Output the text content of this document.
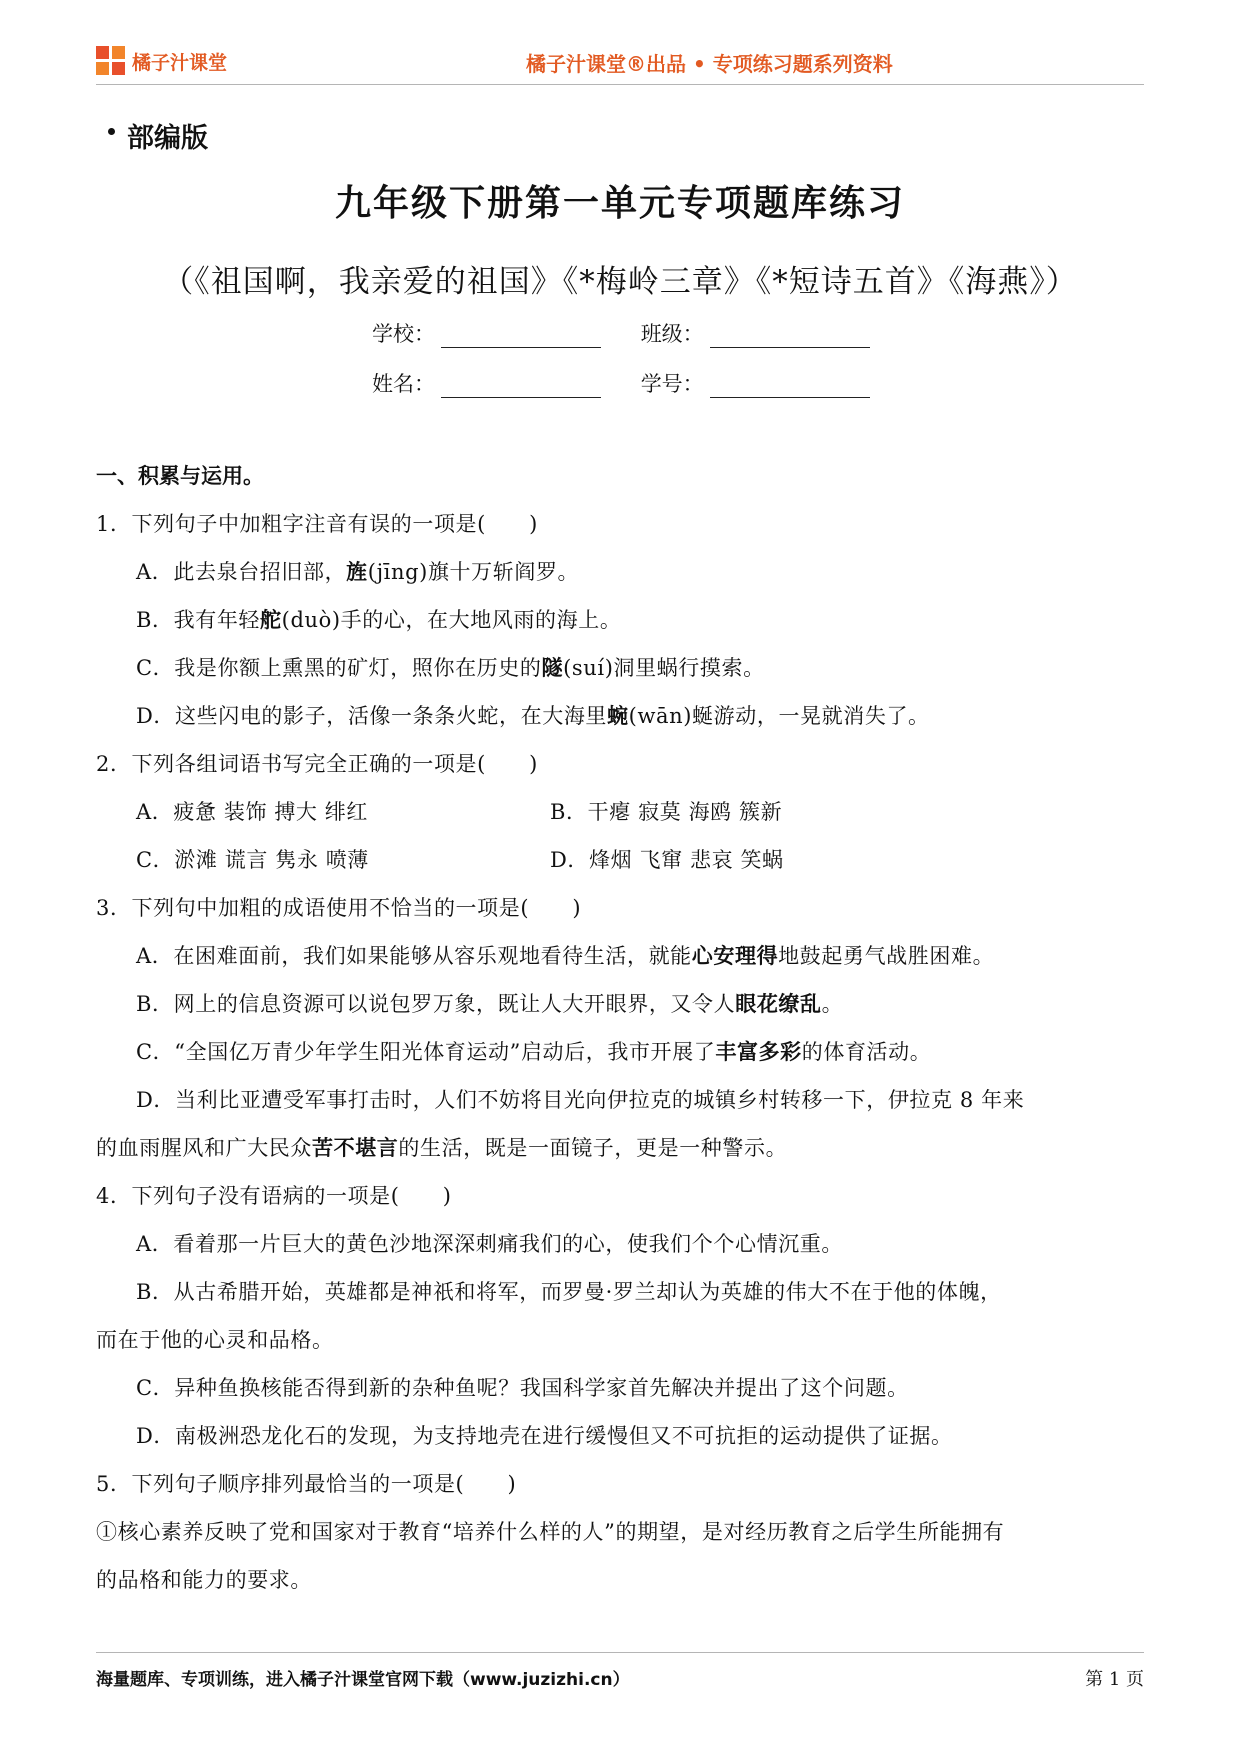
橘子汁课堂	橘子汁课堂®出品 • 专项练习题系列资料
部编版
九年级下册第一单元专项题库练习
（《祖国啊，我亲爱的祖国》《*梅岭三章》《*短诗五首》《海燕》）
学校：	班级：
姓名：	学号：
一、积累与运用。
1．下列句子中加粗字注音有误的一项是(　　)
A．此去泉台招旧部，旌(jīng)旗十万斩阎罗。
B．我有年轻舵(duò)手的心，在大地风雨的海上。
C．我是你额上熏黑的矿灯，照你在历史的隧(suí)洞里蜗行摸索。
D．这些闪电的影子，活像一条条火蛇，在大海里蜿(wān)蜒游动，一晃就消失了。
2．下列各组词语书写完全正确的一项是(　　)
A．疲惫 装饰 搏大 绯红	B．干瘪 寂莫 海鸥 簇新
C．淤滩 谎言 隽永 喷薄	D．烽烟 飞窜 悲哀 笑蜗
3．下列句中加粗的成语使用不恰当的一项是(　　)
A．在困难面前，我们如果能够从容乐观地看待生活，就能心安理得地鼓起勇气战胜困难。
B．网上的信息资源可以说包罗万象，既让人大开眼界，又令人眼花缭乱。
C．“全国亿万青少年学生阳光体育运动”启动后，我市开展了丰富多彩的体育活动。
D．当利比亚遭受军事打击时，人们不妨将目光向伊拉克的城镇乡村转移一下，伊拉克 8 年来
的血雨腥风和广大民众苦不堪言的生活，既是一面镜子，更是一种警示。
4．下列句子没有语病的一项是(　　)
A．看着那一片巨大的黄色沙地深深刺痛我们的心，使我们个个心情沉重。
B．从古希腊开始，英雄都是神祇和将军，而罗曼·罗兰却认为英雄的伟大不在于他的体魄，
而在于他的心灵和品格。
C．异种鱼换核能否得到新的杂种鱼呢？我国科学家首先解决并提出了这个问题。
D．南极洲恐龙化石的发现，为支持地壳在进行缓慢但又不可抗拒的运动提供了证据。
5．下列句子顺序排列最恰当的一项是(　　)
①核心素养反映了党和国家对于教育“培养什么样的人”的期望，是对经历教育之后学生所能拥有
的品格和能力的要求。
海量题库、专项训练，进入橘子汁课堂官网下载（www.juzizhi.cn）	第 1 页
